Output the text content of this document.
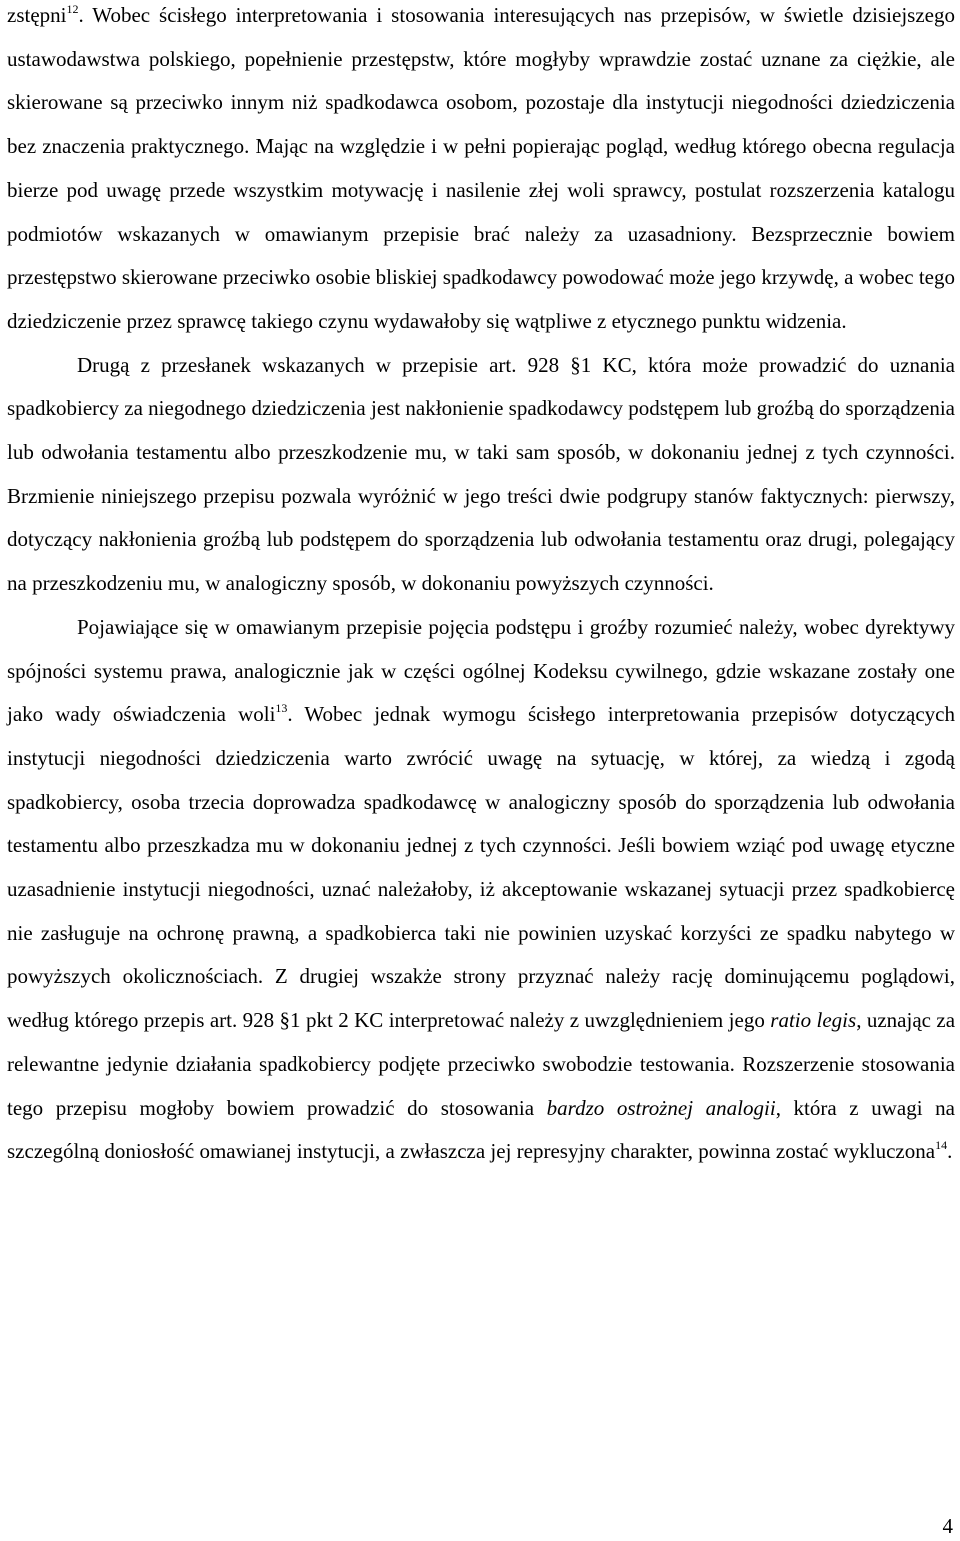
zstępni$^{12}$. Wobec ścisłego interpretowania i stosowania interesujących nas przepisów, w świetle dzisiejszego ustawodawstwa polskiego, popełnienie przestępstw, które mogłyby wprawdzie zostać uznane za ciężkie, ale skierowane są przeciwko innym niż spadkodawca osobom, pozostaje dla instytucji niegodności dziedziczenia bez znaczenia praktycznego. Mając na względzie i w pełni popierając pogląd, według którego obecna regulacja bierze pod uwagę przede wszystkim motywację i nasilenie złej woli sprawcy, postulat rozszerzenia katalogu podmiotów wskazanych w omawianym przepisie brać należy za uzasadniony. Bezsprzecznie bowiem przestępstwo skierowane przeciwko osobie bliskiej spadkodawcy powodować może jego krzywdę, a wobec tego dziedziczenie przez sprawcę takiego czynu wydawałoby się wątpliwe z etycznego punktu widzenia.

Drugą z przesłanek wskazanych w przepisie art. 928 §1 KC, która może prowadzić do uznania spadkobiercy za niegodnego dziedziczenia jest nakłonienie spadkodawcy podstępem lub groźbą do sporządzenia lub odwołania testamentu albo przeszkodzenie mu, w taki sam sposób, w dokonaniu jednej z tych czynności. Brzmienie niniejszego przepisu pozwala wyróżnić w jego treści dwie podgrupy stanów faktycznych: pierwszy, dotyczący nakłonienia groźbą lub podstępem do sporządzenia lub odwołania testamentu oraz drugi, polegający na przeszkodzeniu mu, w analogiczny sposób, w dokonaniu powyższych czynności.

Pojawiające się w omawianym przepisie pojęcia podstępu i groźby rozumieć należy, wobec dyrektywy spójności systemu prawa, analogicznie jak w części ogólnej Kodeksu cywilnego, gdzie wskazane zostały one jako wady oświadczenia woli$^{13}$. Wobec jednak wymogu ścisłego interpretowania przepisów dotyczących instytucji niegodności dziedziczenia warto zwrócić uwagę na sytuację, w której, za wiedzą i zgodą spadkobiercy, osoba trzecia doprowadza spadkodawcę w analogiczny sposób do sporządzenia lub odwołania testamentu albo przeszkadza mu w dokonaniu jednej z tych czynności. Jeśli bowiem wziąć pod uwagę etyczne uzasadnienie instytucji niegodności, uznać należałoby, iż akceptowanie wskazanej sytuacji przez spadkobiercę nie zasługuje na ochronę prawną, a spadkobierca taki nie powinien uzyskać korzyści ze spadku nabytego w powyższych okolicznościach. Z drugiej wszakże strony przyznać należy rację dominującemu poglądowi, według którego przepis art. 928 §1 pkt 2 KC interpretować należy z uwzględnieniem jego ratio legis, uznając za relewantne jedynie działania spadkobiercy podjęte przeciwko swobodzie testowania. Rozszerzenie stosowania tego przepisu mogłoby bowiem prowadzić do stosowania bardzo ostrożnej analogii, która z uwagi na szczególną doniosłość omawianej instytucji, a zwłaszcza jej represyjny charakter, powinna zostać wykluczona$^{14}$.

4
